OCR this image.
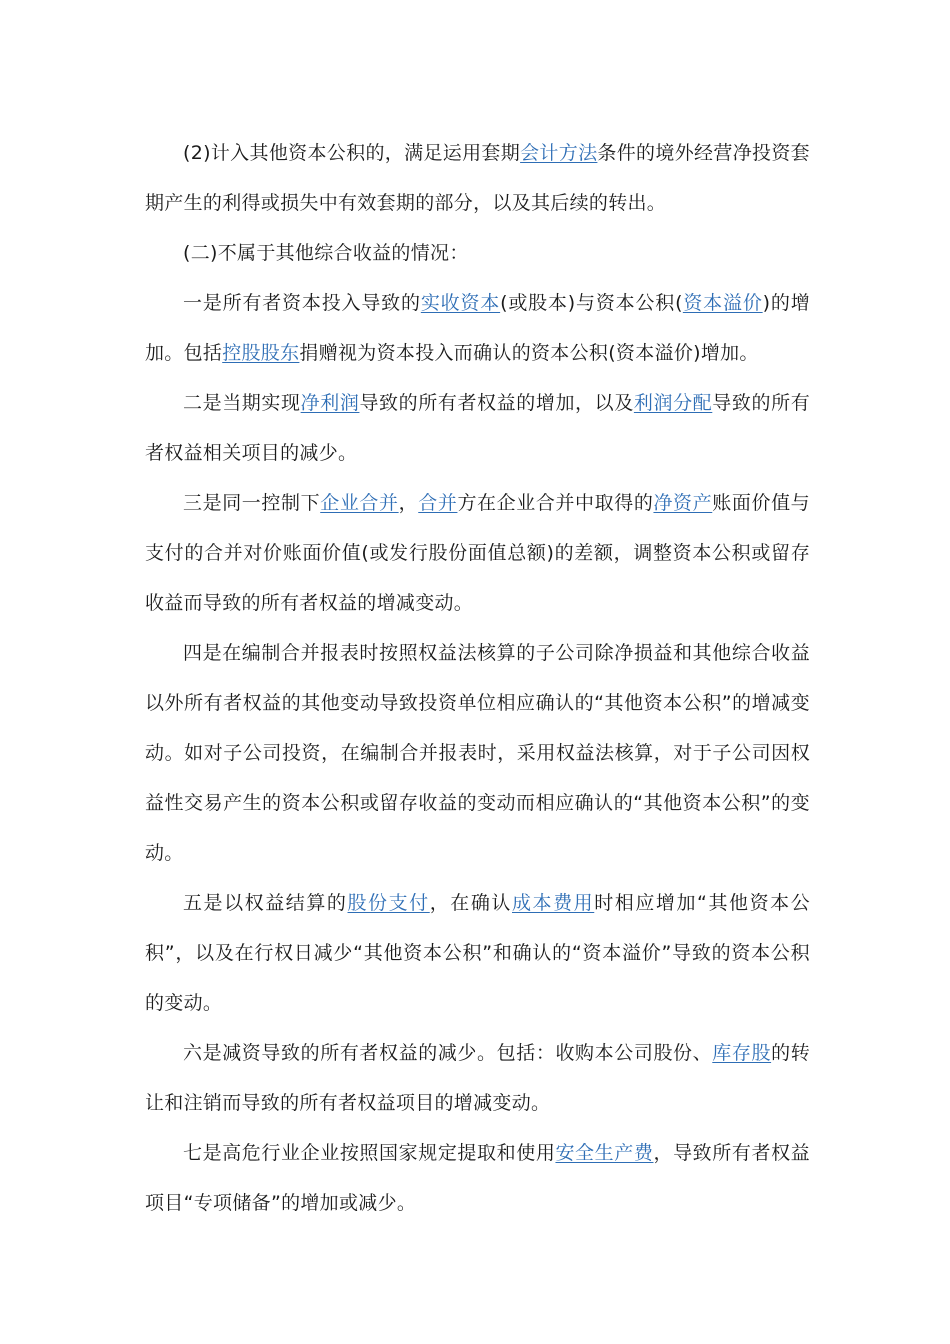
(2)计入其他资本公积的，满足运用套期会计方法条件的境外经营净投资套期产生的利得或损失中有效套期的部分，以及其后续的转出。

(二)不属于其他综合收益的情况：

一是所有者资本投入导致的实收资本(或股本)与资本公积(资本溢价)的增加。包括控股股东捐赠视为资本投入而确认的资本公积(资本溢价)增加。

二是当期实现净利润导致的所有者权益的增加，以及利润分配导致的所有者权益相关项目的减少。

三是同一控制下企业合并，合并方在企业合并中取得的净资产账面价值与支付的合并对价账面价值(或发行股份面值总额)的差额，调整资本公积或留存收益而导致的所有者权益的增减变动。

四是在编制合并报表时按照权益法核算的子公司除净损益和其他综合收益以外所有者权益的其他变动导致投资单位相应确认的“其他资本公积”的增减变动。如对子公司投资，在编制合并报表时，采用权益法核算，对于子公司因权益性交易产生的资本公积或留存收益的变动而相应确认的“其他资本公积”的变动。

五是以权益结算的股份支付，在确认成本费用时相应增加“其他资本公积”，以及在行权日减少“其他资本公积”和确认的“资本溢价”导致的资本公积的变动。

六是减资导致的所有者权益的减少。包括：收购本公司股份、库存股的转让和注销而导致的所有者权益项目的增减变动。

七是高危行业企业按照国家规定提取和使用安全生产费，导致所有者权益项目“专项储备”的增加或减少。
